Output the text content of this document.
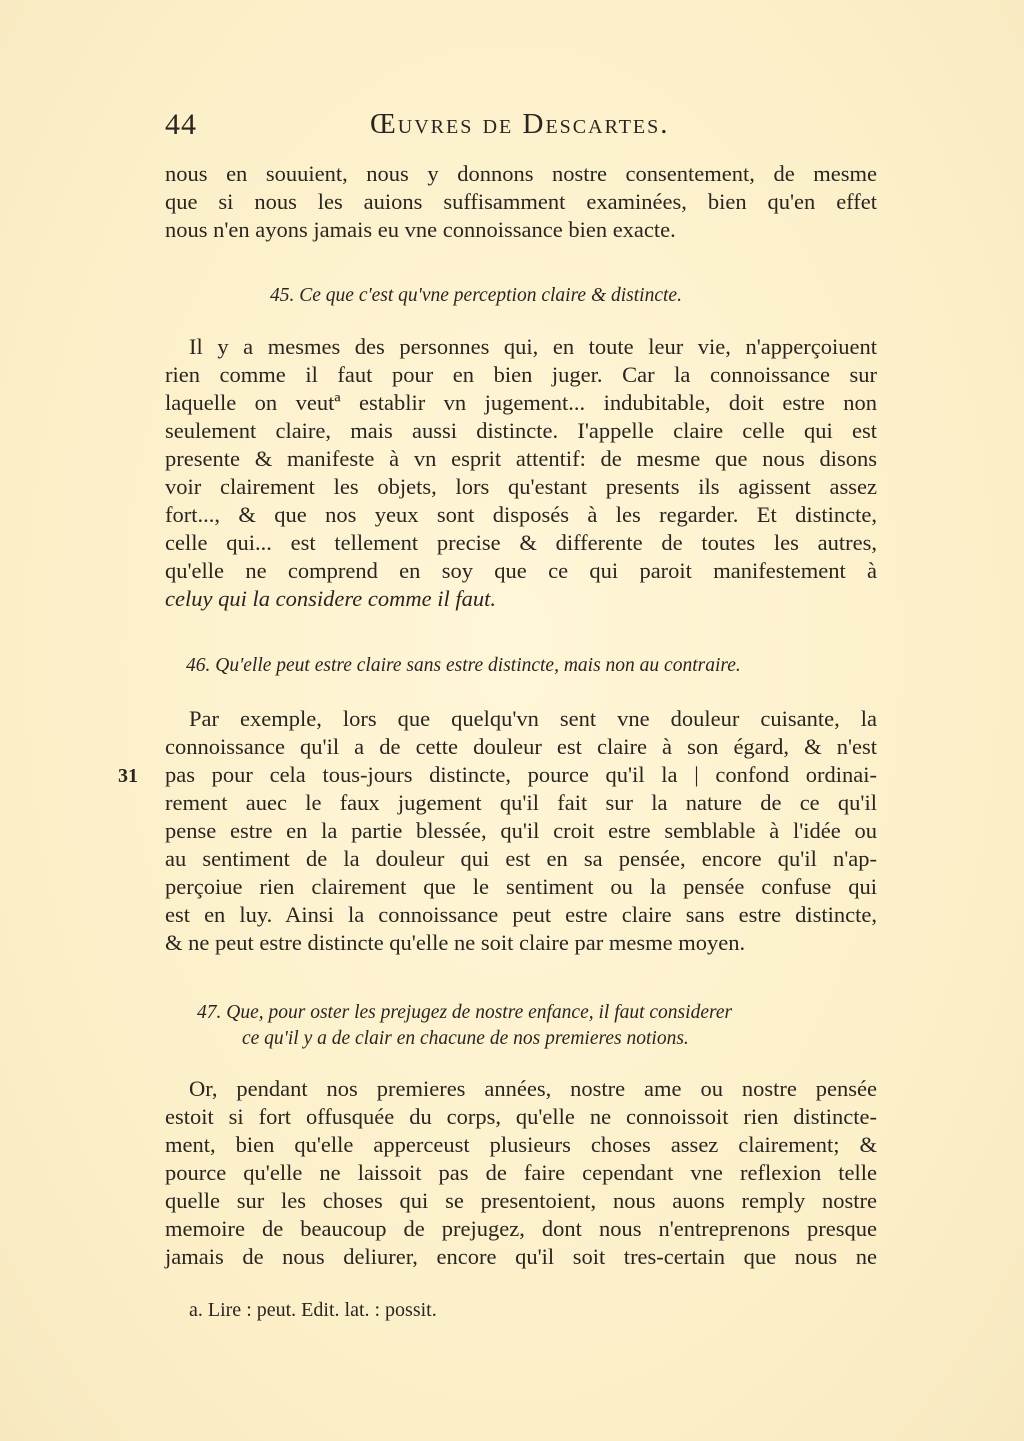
44	Œuvres de Descartes.
nous en souuient, nous y donnons nostre consentement, de mesme
que si nous les auions suffisamment examinées, bien qu'en effet
nous n'en ayons jamais eu vne connoissance bien exacte.
45. Ce que c'est qu'vne perception claire & distincte.
Il y a mesmes des personnes qui, en toute leur vie, n'apperçoiuent
rien comme il faut pour en bien juger. Car la connoissance sur
laquelle on veutª establir vn jugement... indubitable, doit estre non
seulement claire, mais aussi distincte. I'appelle claire celle qui est
presente & manifeste à vn esprit attentif: de mesme que nous disons
voir clairement les objets, lors qu'estant presents ils agissent assez
fort..., & que nos yeux sont disposés à les regarder. Et distincte,
celle qui... est tellement precise & differente de toutes les autres,
qu'elle ne comprend en soy que ce qui paroit manifestement à
celuy qui la considere comme il faut.
46. Qu'elle peut estre claire sans estre distincte, mais non au contraire.
Par exemple, lors que quelqu'vn sent vne douleur cuisante, la
connoissance qu'il a de cette douleur est claire à son égard, & n'est
31 pas pour cela tous-jours distincte, pource qu'il la | confond ordinai-
rement auec le faux jugement qu'il fait sur la nature de ce qu'il
pense estre en la partie blessée, qu'il croit estre semblable à l'idée ou
au sentiment de la douleur qui est en sa pensée, encore qu'il n'ap-
perçoiue rien clairement que le sentiment ou la pensée confuse qui
est en luy. Ainsi la connoissance peut estre claire sans estre distincte,
& ne peut estre distincte qu'elle ne soit claire par mesme moyen.
47. Que, pour oster les prejugez de nostre enfance, il faut considerer
ce qu'il y a de clair en chacune de nos premieres notions.
Or, pendant nos premieres années, nostre ame ou nostre pensée
estoit si fort offusquée du corps, qu'elle ne connoissoit rien distincte-
ment, bien qu'elle apperceust plusieurs choses assez clairement; &
pource qu'elle ne laissoit pas de faire cependant vne reflexion telle
quelle sur les choses qui se presentoient, nous auons remply nostre
memoire de beaucoup de prejugez, dont nous n'entreprenons presque
jamais de nous deliurer, encore qu'il soit tres-certain que nous ne
a. Lire : peut. Edit. lat. : possit.
